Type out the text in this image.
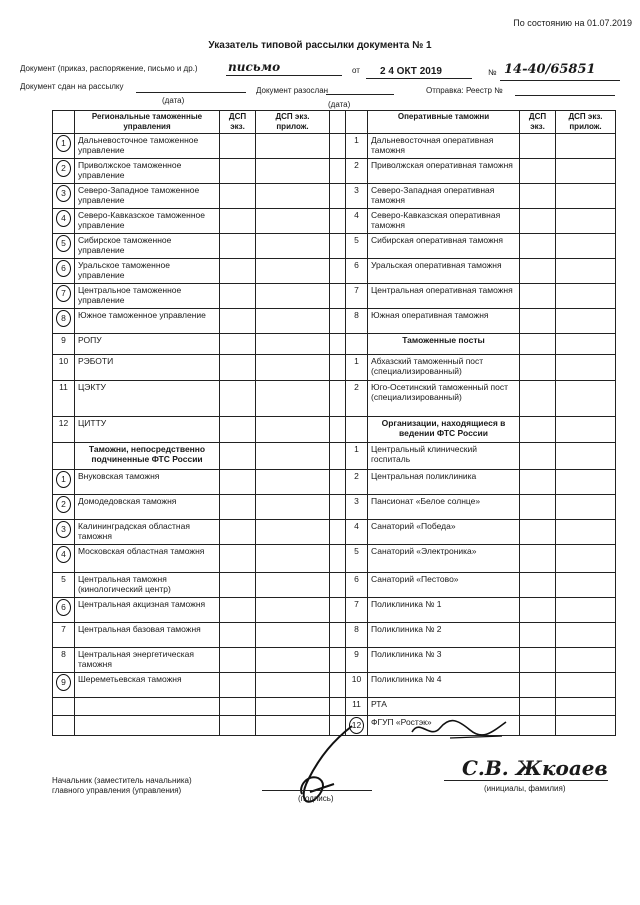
По состоянию на 01.07.2019
Указатель типовой рассылки документа № 1
Документ (приказ, распоряжение, письмо и др.)	письмо	от 2 4 ОКТ 2019	№ 14-40/65851
Документ сдан на рассылку	Документ разослан	Отправка: Реестр №
(дата)	(дата)
	Региональные таможенные управления	ДСП экз.	ДСП экз. прилож.			Оперативные таможни	ДСП экз.	ДСП экз. прилож.
1	Дальневосточное таможенное управление				1	Дальневосточная оперативная таможня		
2	Приволжское таможенное управление				2	Приволжская оперативная таможня		
3	Северо-Западное таможенное управление				3	Северо-Западная оперативная таможня		
4	Северо-Кавказское таможенное управление				4	Северо-Кавказская оперативная таможня		
5	Сибирское таможенное управление				5	Сибирская оперативная таможня		
6	Уральское таможенное управление				6	Уральская оперативная таможня		
7	Центральное таможенное управление				7	Центральная оперативная таможня		
8	Южное таможенное управление				8	Южная оперативная таможня		
9	РОПУ					Таможенные посты		
10	РЭБОТИ				1	Абхазский таможенный пост (специализированный)		
11	ЦЭКТУ				2	Юго-Осетинский таможенный пост (специализированный)		
12	ЦИТТУ					Организации, находящиеся в ведении ФТС России		
	Таможни, непосредственно подчиненные ФТС России				1	Центральный клинический госпиталь		
1	Внуковская таможня				2	Центральная поликлиника		
2	Домодедовская таможня				3	Пансионат «Белое солнце»		
3	Калининградская областная таможня				4	Санаторий «Победа»		
4	Московская областная таможня				5	Санаторий «Электроника»		
5	Центральная таможня (кинологический центр)				6	Санаторий «Пестово»		
6	Центральная акцизная таможня				7	Поликлиника № 1		
7	Центральная базовая таможня				8	Поликлиника № 2		
8	Центральная энергетическая таможня				9	Поликлиника № 3		
9	Шереметьевская таможня				10	Поликлиника № 4		
					11	РТА		
					12	ФГУП «Ростэк»		
Начальник (заместитель начальника)
главного управления (управления)
(подпись)
С.В. Жкоаев
(инициалы, фамилия)
